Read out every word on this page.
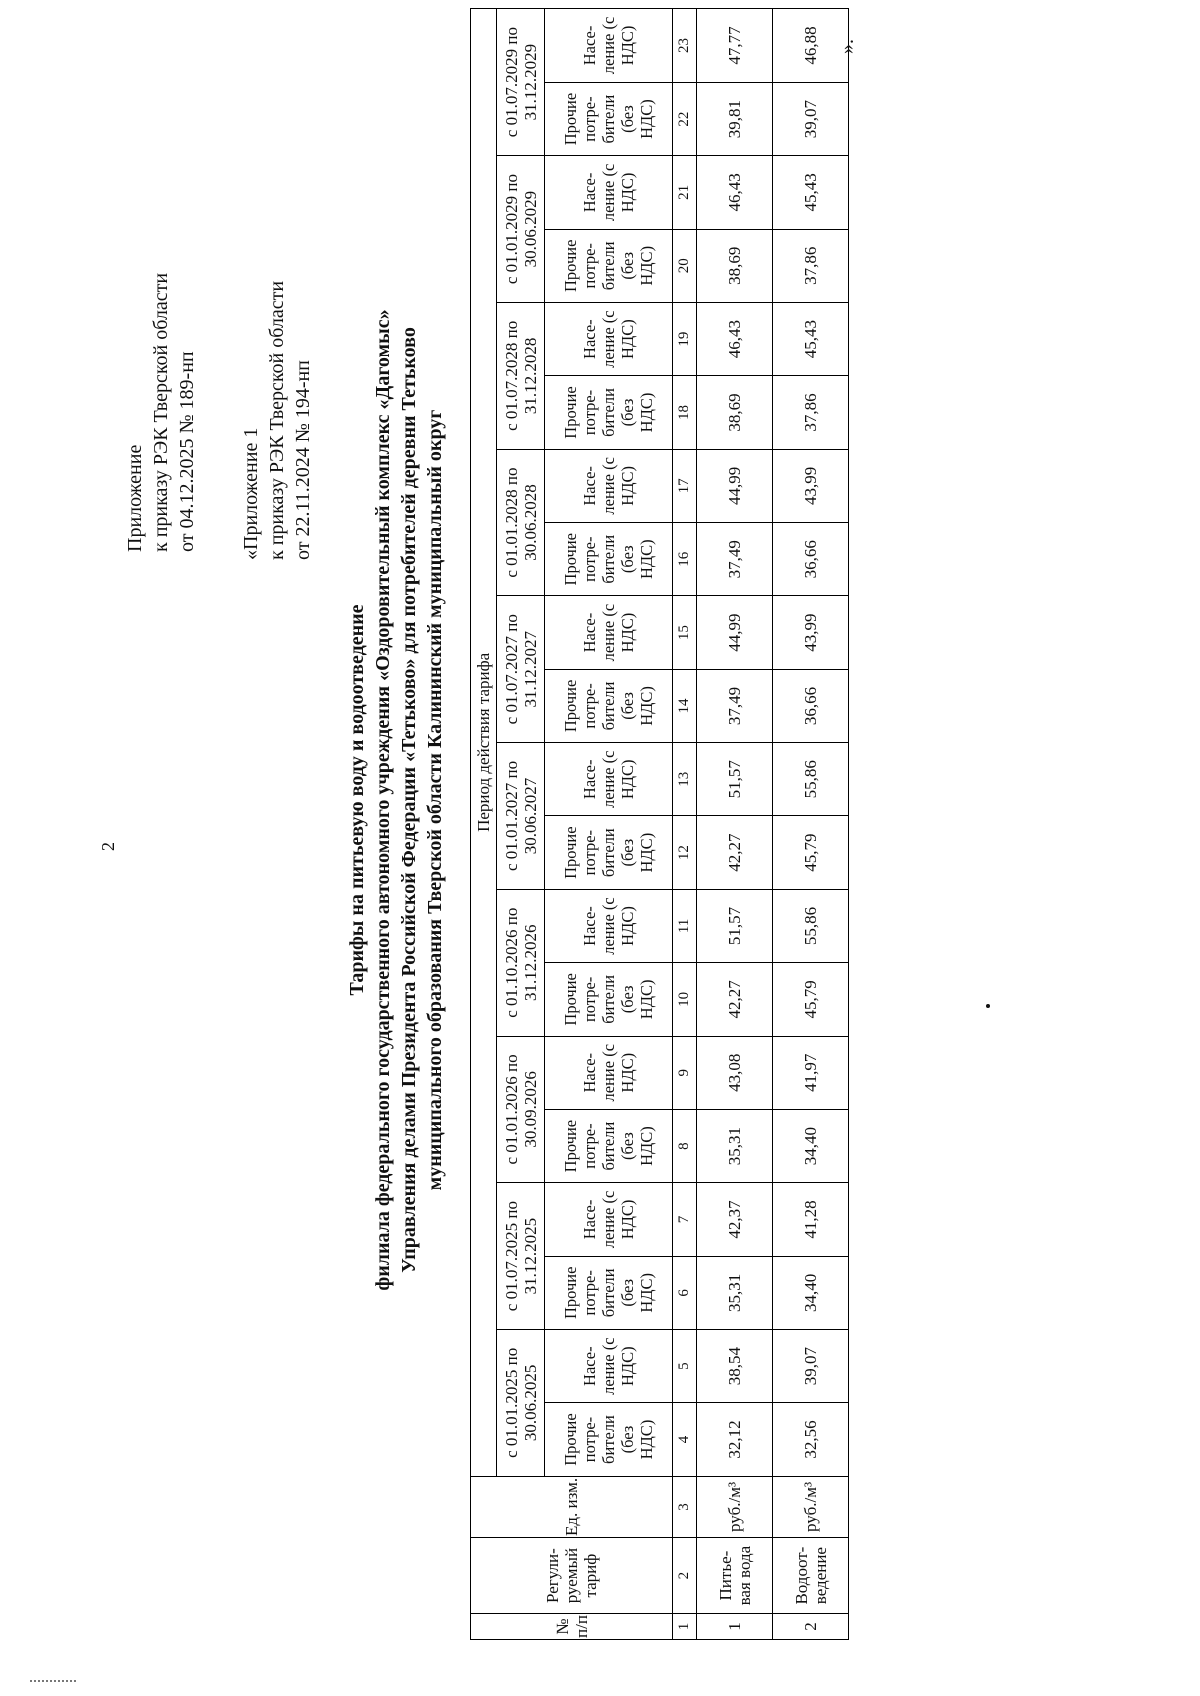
2
Приложение к приказу РЭК Тверской области от 04.12.2025 № 189-нп «Приложение 1 к приказу РЭК Тверской области от 22.11.2024 № 194-нп
Тарифы на питьевую воду и водоотведение филиала федерального государственного автономного учреждения «Оздоровительный комплекс «Дагомыс» Управления делами Президента Российской Федерации «Тетьково» для потребителей деревни Тетьково муниципального образования Тверской области Калининский муниципальный округ
№ п/п	Регули-руемый тариф	Ед. изм.	Период действия тарифа																			
			с 01.01.2025 по 30.06.2025		с 01.07.2025 по 31.12.2025		с 01.01.2026 по 30.09.2026		с 01.10.2026 по 31.12.2026		с 01.01.2027 по 30.06.2027		с 01.07.2027 по 31.12.2027		с 01.01.2028 по 30.06.2028		с 01.07.2028 по 31.12.2028		с 01.01.2029 по 30.06.2029		с 01.07.2029 по 31.12.2029	
			Прочие потре-бители (без НДС)	Насе-ление (с НДС)	Прочие потре-бители (без НДС)	Насе-ление (с НДС)	Прочие потре-бители (без НДС)	Насе-ление (с НДС)	Прочие потре-бители (без НДС)	Насе-ление (с НДС)	Прочие потре-бители (без НДС)	Насе-ление (с НДС)	Прочие потре-бители (без НДС)	Насе-ление (с НДС)	Прочие потре-бители (без НДС)	Насе-ление (с НДС)	Прочие потре-бители (без НДС)	Насе-ление (с НДС)	Прочие потре-бители (без НДС)	Насе-ление (с НДС)	Прочие потре-бители (без НДС)	Насе-ление (с НДС)
1	2	3	4	5	6	7	8	9	10	11	12	13	14	15	16	17	18	19	20	21	22	23
1	Питье-вая вода	руб./м³	32,12	38,54	35,31	42,37	35,31	43,08	42,27	51,57	42,27	51,57	37,49	44,99	37,49	44,99	38,69	46,43	38,69	46,43	39,81	47,77
2	Водоот-ведение	руб./м³	32,56	39,07	34,40	41,28	34,40	41,97	45,79	55,86	45,79	55,86	36,66	43,99	36,66	43,99	37,86	45,43	37,86	45,43	39,07	46,88 ».
